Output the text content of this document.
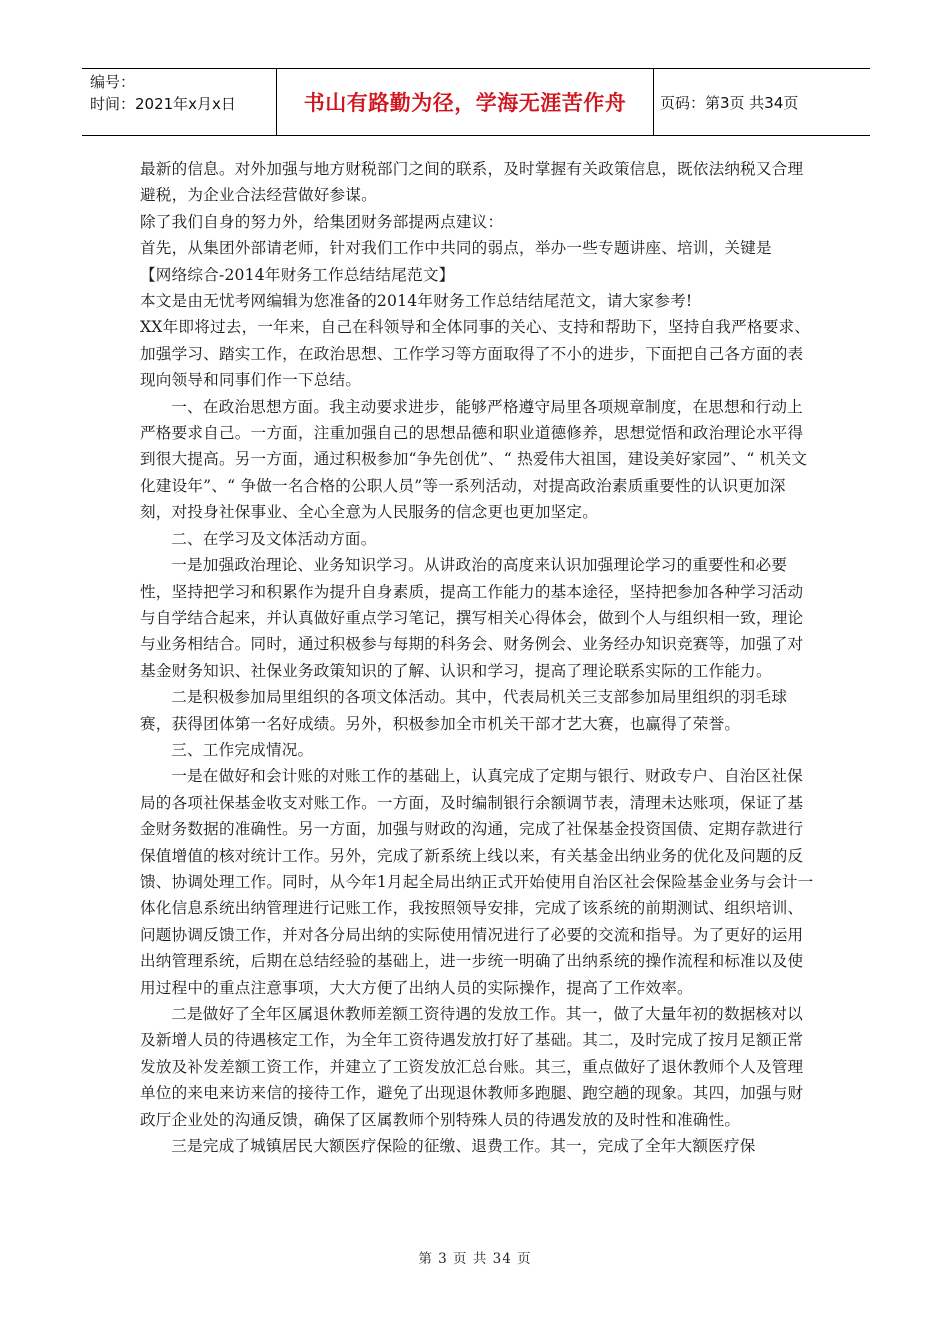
编号：
时间：2021年x月x日	书山有路勤为径，学海无涯苦作舟	页码：第3页 共34页

最新的信息。对外加强与地方财税部门之间的联系，及时掌握有关政策信息，既依法纳税又合理避税，为企业合法经营做好参谋。

除了我们自身的努力外，给集团财务部提两点建议：

首先，从集团外部请老师，针对我们工作中共同的弱点，举办一些专题讲座、培训，关键是

【网络综合-2014年财务工作总结结尾范文】

本文是由无忧考网编辑为您准备的2014年财务工作总结结尾范文，请大家参考!

XX年即将过去，一年来，自己在科领导和全体同事的关心、支持和帮助下，坚持自我严格要求、加强学习、踏实工作，在政治思想、工作学习等方面取得了不小的进步，下面把自己各方面的表现向领导和同事们作一下总结。

一、在政治思想方面。我主动要求进步，能够严格遵守局里各项规章制度，在思想和行动上严格要求自己。一方面，注重加强自己的思想品德和职业道德修养，思想觉悟和政治理论水平得到很大提高。另一方面，通过积极参加“争先创优”、“ 热爱伟大祖国，建设美好家园”、“ 机关文化建设年”、“ 争做一名合格的公职人员”等一系列活动，对提高政治素质重要性的认识更加深刻，对投身社保事业、全心全意为人民服务的信念更也更加坚定。

二、在学习及文体活动方面。

一是加强政治理论、业务知识学习。从讲政治的高度来认识加强理论学习的重要性和必要性，坚持把学习和积累作为提升自身素质，提高工作能力的基本途径，坚持把参加各种学习活动与自学结合起来，并认真做好重点学习笔记，撰写相关心得体会，做到个人与组织相一致，理论与业务相结合。同时，通过积极参与每期的科务会、财务例会、业务经办知识竞赛等，加强了对基金财务知识、社保业务政策知识的了解、认识和学习，提高了理论联系实际的工作能力。

二是积极参加局里组织的各项文体活动。其中，代表局机关三支部参加局里组织的羽毛球赛，获得团体第一名好成绩。另外，积极参加全市机关干部才艺大赛，也赢得了荣誉。

三、工作完成情况。

一是在做好和会计账的对账工作的基础上，认真完成了定期与银行、财政专户、自治区社保局的各项社保基金收支对账工作。一方面，及时编制银行余额调节表，清理未达账项，保证了基金财务数据的准确性。另一方面，加强与财政的沟通，完成了社保基金投资国债、定期存款进行保值增值的核对统计工作。另外，完成了新系统上线以来，有关基金出纳业务的优化及问题的反馈、协调处理工作。同时，从今年1月起全局出纳正式开始使用自治区社会保险基金业务与会计一体化信息系统出纳管理进行记账工作，我按照领导安排，完成了该系统的前期测试、组织培训、问题协调反馈工作，并对各分局出纳的实际使用情况进行了必要的交流和指导。为了更好的运用出纳管理系统，后期在总结经验的基础上，进一步统一明确了出纳系统的操作流程和标准以及使用过程中的重点注意事项，大大方便了出纳人员的实际操作，提高了工作效率。

二是做好了全年区属退休教师差额工资待遇的发放工作。其一，做了大量年初的数据核对以及新增人员的待遇核定工作，为全年工资待遇发放打好了基础。其二，及时完成了按月足额正常发放及补发差额工资工作，并建立了工资发放汇总台账。其三，重点做好了退休教师个人及管理单位的来电来访来信的接待工作，避免了出现退休教师多跑腿、跑空趟的现象。其四，加强与财政厅企业处的沟通反馈，确保了区属教师个别特殊人员的待遇发放的及时性和准确性。

三是完成了城镇居民大额医疗保险的征缴、退费工作。其一，完成了全年大额医疗保

第 3 页 共 34 页
